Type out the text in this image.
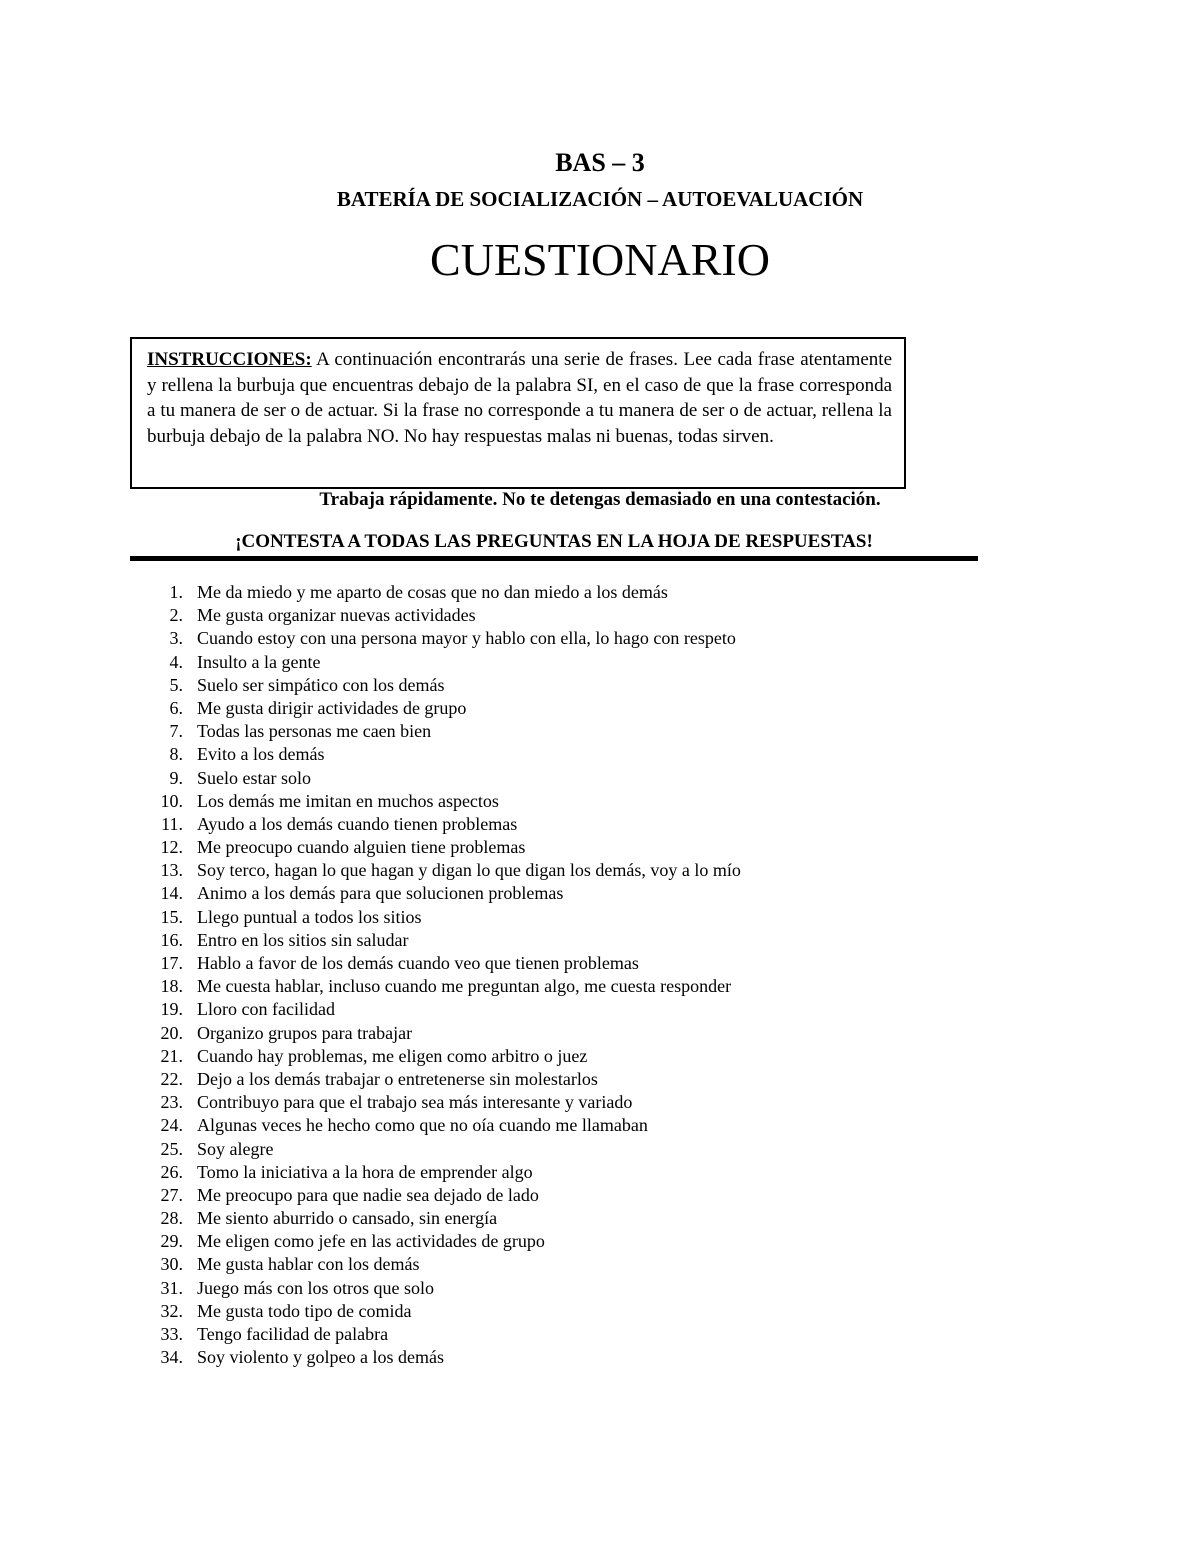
BAS – 3
BATERÍA DE SOCIALIZACIÓN – AUTOEVALUACIÓN
CUESTIONARIO
INSTRUCCIONES: A continuación encontrarás una serie de frases. Lee cada frase atentamente y rellena la burbuja que encuentras debajo de la palabra SI, en el caso de que la frase corresponda a tu manera de ser o de actuar. Si la frase no corresponde a tu manera de ser o de actuar, rellena la burbuja debajo de la palabra NO. No hay respuestas malas ni buenas, todas sirven.
Trabaja rápidamente. No te detengas demasiado en una contestación.
¡CONTESTA A TODAS LAS PREGUNTAS EN LA HOJA DE RESPUESTAS!
1. Me da miedo y me aparto de cosas que no dan miedo a los demás
2. Me gusta organizar nuevas actividades
3. Cuando estoy con una persona mayor y hablo con ella, lo hago con respeto
4. Insulto a la gente
5. Suelo ser simpático con los demás
6. Me gusta dirigir actividades de grupo
7. Todas las personas me caen bien
8. Evito a los demás
9. Suelo estar solo
10. Los demás me imitan en muchos aspectos
11. Ayudo a los demás cuando tienen problemas
12. Me preocupo cuando alguien tiene problemas
13. Soy terco, hagan lo que hagan y digan lo que digan los demás, voy a lo mío
14. Animo a los demás para que solucionen problemas
15. Llego puntual a todos los sitios
16. Entro en los sitios sin saludar
17. Hablo a favor de los demás cuando veo que tienen problemas
18. Me cuesta hablar, incluso cuando me preguntan algo, me cuesta responder
19. Lloro con facilidad
20. Organizo grupos para trabajar
21. Cuando hay problemas, me eligen como arbitro o juez
22. Dejo a los demás trabajar o entretenerse sin molestarlos
23. Contribuyo para que el trabajo sea más interesante y variado
24. Algunas veces he hecho como que no oía cuando me llamaban
25. Soy alegre
26. Tomo la iniciativa a la hora de emprender algo
27. Me preocupo para que nadie sea dejado de lado
28. Me siento aburrido o cansado, sin energía
29. Me eligen como jefe en las actividades de grupo
30. Me gusta hablar con los demás
31. Juego más con los otros que solo
32. Me gusta todo tipo de comida
33. Tengo facilidad de palabra
34. Soy violento y golpeo a los demás
